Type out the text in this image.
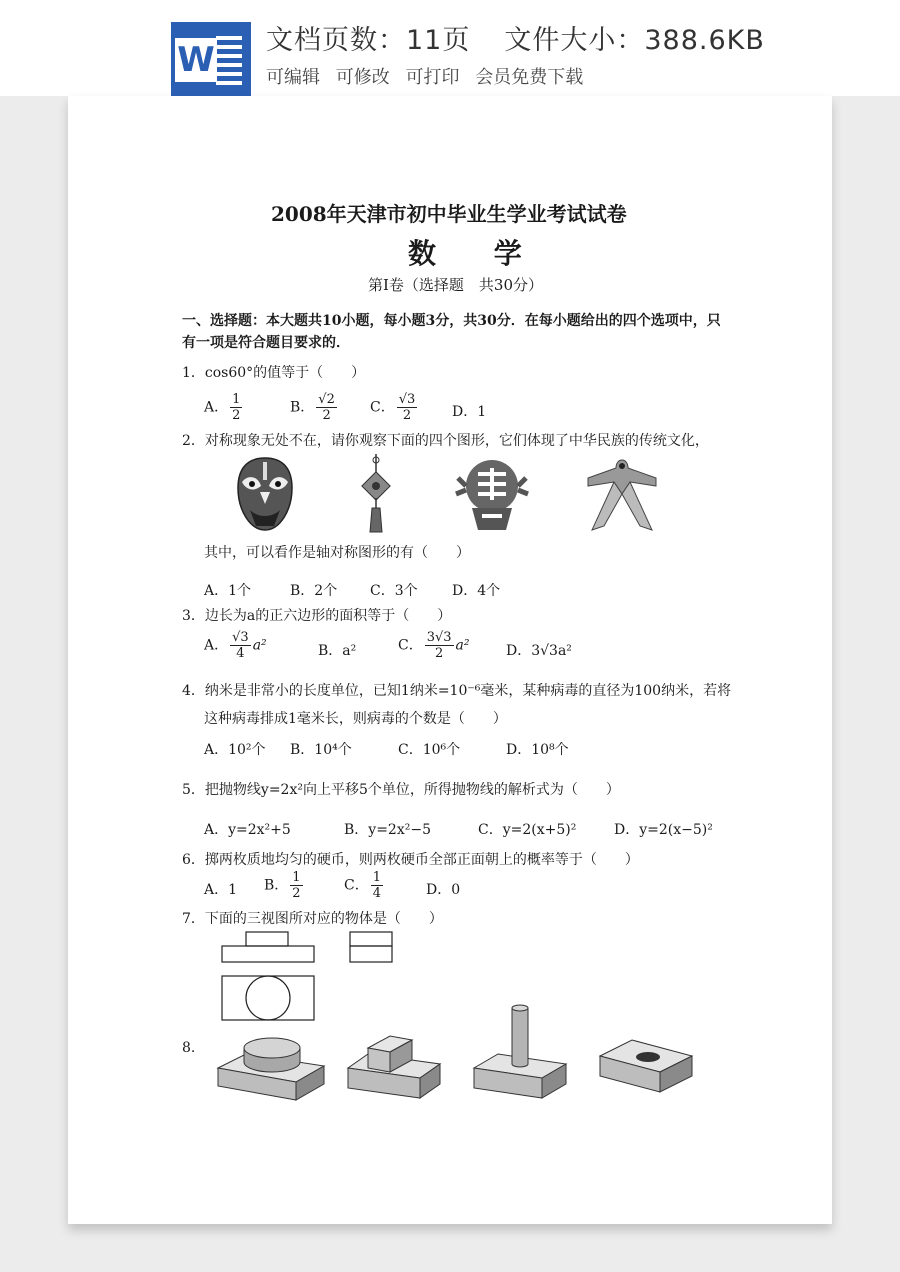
W 文档页数：11页 文件大小：388.6KB
可编辑 可修改 可打印 会员免费下载
2008年天津市初中毕业生学业考试试卷
数 学
第Ⅰ卷（选择题　共30分）
一、选择题：本大题共10小题，每小题3分，共30分．在每小题给出的四个选项中，只
有一项是符合题目要求的．
1．cos60°的值等于（　　）
A． $\frac{1}{2}$	B． $\frac{√2}{2}$ C． $\frac{√3}{2}$ D．1
2．对称现象无处不在，请你观察下面的四个图形，它们体现了中华民族的传统文化，
其中，可以看作是轴对称图形的有（　　）
A．1个	B．2个 C．3个 D．4个
3．边长为a的正六边形的面积等于（　　）
A． $\frac{√3}{4} a^2$	B．a²	C． $\frac{3√3}{2} a^2$	D．3√3a²
4．纳米是非常小的长度单位，已知1纳米=10⁻⁶毫米，某种病毒的直径为100纳米，若将
这种病毒排成1毫米长，则病毒的个数是（　　）
A．10²个 B．10⁴个	C．10⁶个	D．10⁸个
5．把抛物线y=2x²向上平移5个单位，所得抛物线的解析式为（　　）
A．y=2x²+5	B．y=2x²−5	C．y=2(x+5)²	D．y=2(x−5)²
6．掷两枚质地均匀的硬币，则两枚硬币全部正面朝上的概率等于（　　）
A．1 B． $\frac{1}{2}$	C． $\frac{1}{4}$	D．0
7．下面的三视图所对应的物体是（　　）
8.
